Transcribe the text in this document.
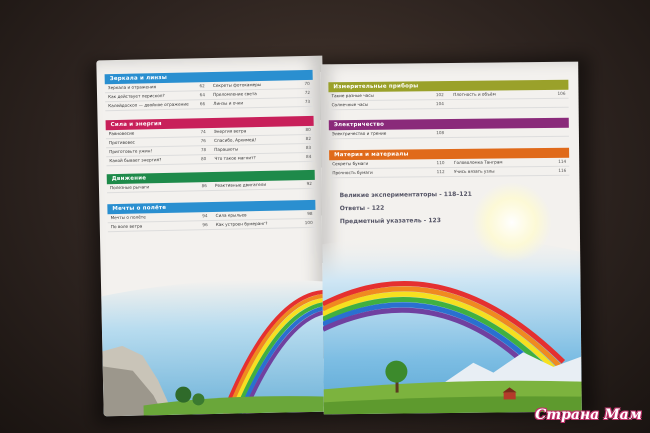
Зеркала и линзы
Зеркала и отражения	62 Секреты фотокамеры	70
Как действует перископ?	64 Преломление света	72
Калейдоскоп — двойное отражение	66 Линзы и очки	73
Сила и энергия
Равновесие	74 Энергия ветра	80
Противовес	76 Спасибо, Архимед!	82
Приготовьте ужин!	78 Парашюты	83
Какой бывает энергия?	80 Что такое магнит?	84
Движение
Полезные рычаги	86 Реактивные двигатели	92
Мечты о полёте
Мечты о полёте	94 Сила крыльев	98
По воле ветра	96 Как устроен бумеранг?	100
Измерительные приборы
Такие разные часы	102 Плотность и объём	106
Солнечные часы	104
Электричество
Электричество и трение	108
Материя и материалы
Секреты бумаги	110 Головоломка Танграм	114
Прочность бумаги	112 Учись вязать узлы	116
Великие экспериментаторы - 118–121
Ответы - 122
Предметный указатель - 123
Страна Мам
